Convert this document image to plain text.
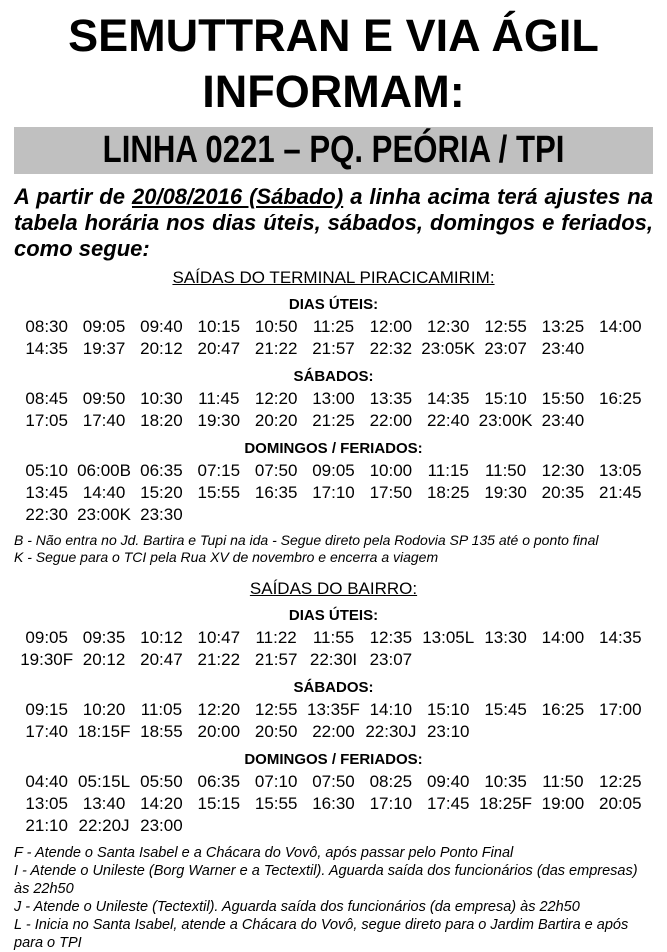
SEMUTTRAN E VIA ÁGIL
INFORMAM:
LINHA 0221 – PQ. PEÓRIA / TPI

A partir de 20/08/2016 (Sábado) a linha acima terá ajustes na tabela horária nos dias úteis, sábados, domingos e feriados, como segue:

SAÍDAS DO TERMINAL PIRACICAMIRIM:
DIAS ÚTEIS:
08:30 09:05 09:40 10:15 10:50 11:25 12:00 12:30 12:55 13:25 14:00
14:35 19:37 20:12 20:47 21:22 21:57 22:32 23:05K 23:07 23:40
SÁBADOS:
08:45 09:50 10:30 11:45 12:20 13:00 13:35 14:35 15:10 15:50 16:25
17:05 17:40 18:20 19:30 20:20 21:25 22:00 22:40 23:00K 23:40
DOMINGOS / FERIADOS:
05:10 06:00B 06:35 07:15 07:50 09:05 10:00 11:15 11:50 12:30 13:05
13:45 14:40 15:20 15:55 16:35 17:10 17:50 18:25 19:30 20:35 21:45
22:30 23:00K 23:30
B - Não entra no Jd. Bartira e Tupi na ida - Segue direto pela Rodovia SP 135 até o ponto final
K - Segue para o TCI pela Rua XV de novembro e encerra a viagem
SAÍDAS DO BAIRRO:
DIAS ÚTEIS:
09:05 09:35 10:12 10:47 11:22 11:55 12:35 13:05L 13:30 14:00 14:35
19:30F 20:12 20:47 21:22 21:57 22:30I 23:07
SÁBADOS:
09:15 10:20 11:05 12:20 12:55 13:35F 14:10 15:10 15:45 16:25 17:00
17:40 18:15F 18:55 20:00 20:50 22:00 22:30J 23:10
DOMINGOS / FERIADOS:
04:40 05:15L 05:50 06:35 07:10 07:50 08:25 09:40 10:35 11:50 12:25
13:05 13:40 14:20 15:15 15:55 16:30 17:10 17:45 18:25F 19:00 20:05
21:10 22:20J 23:00
F - Atende o Santa Isabel e a Chácara do Vovô, após passar pelo Ponto Final
I - Atende o Unileste (Borg Warner e a Tectextil). Aguarda saída dos funcionários (das empresas) às 22h50
J - Atende o Unileste (Tectextil). Aguarda saída dos funcionários (da empresa) às 22h50
L - Inicia no Santa Isabel, atende a Chácara do Vovô, segue direto para o Jardim Bartira e após para o TPI
